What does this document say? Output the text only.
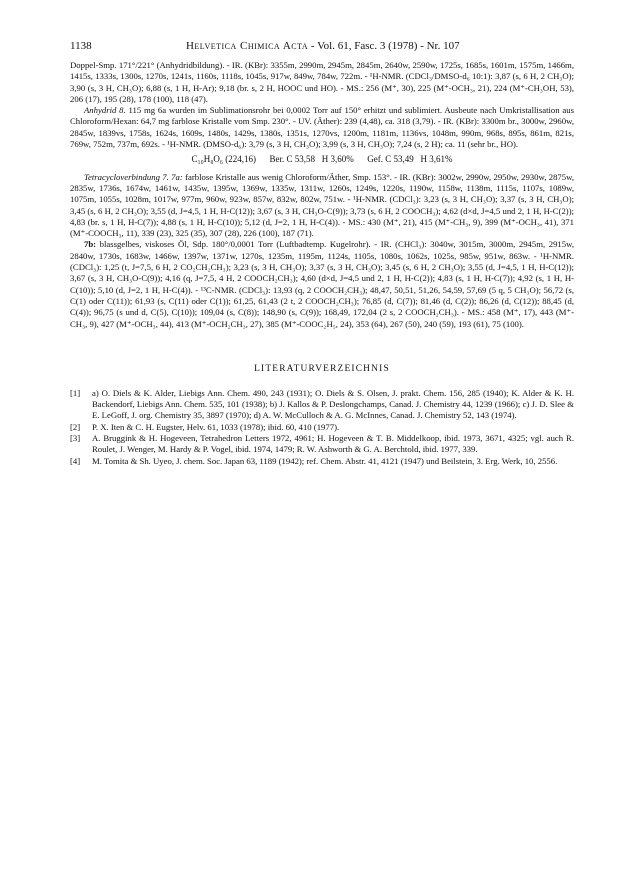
1138	Helvetica Chimica Acta - Vol. 61, Fasc. 3 (1978) - Nr. 107

Doppel-Smp. 171°/221° (Anhydridbildung). - IR. (KBr): 3355m, 2990m, 2945m, 2845m, 2640w, 2590w, 1725s, 1685s, 1601m, 1575m, 1466m, 1415s, 1333s, 1300s, 1270s, 1241s, 1160s, 1118s, 1045s, 917w, 849w, 784w, 722m. - ¹H-NMR. (CDCl₃/DMSO-d₆ 10:1): 3,87 (s, 6 H, 2 CH₃O); 3,90 (s, 3 H, CH₃O); 6,88 (s, 1 H, H-Ar); 9,18 (br. s, 2 H, HOOC und HO). - MS.: 256 (M⁺, 30), 225 (M⁺-OCH₃, 21), 224 (M⁺-CH₃OH, 53), 206 (17), 195 (28), 178 (100), 118 (47).

Anhydrid 8. 115 mg 6a wurden im Sublimationsrohr bei 0,0002 Torr auf 150° erhitzt und sublimiert. Ausbeute nach Umkristallisation aus Chloroform/Hexan: 64,7 mg farblose Kristalle vom Smp. 230°. - UV. (Äther): 239 (4,48), ca. 318 (3,79). - IR. (KBr): 3300m br., 3000w, 2960w, 2845w, 1839vs, 1758s, 1624s, 1609s, 1480s, 1429s, 1380s, 1351s, 1270vs, 1200m, 1181m, 1136vs, 1048m, 990m, 968s, 895s, 861m, 821s, 769w, 752m, 737m, 692s. - ¹H-NMR. (DMSO-d₆): 3,79 (s, 3 H, CH₃O); 3,99 (s, 3 H, CH₃O); 7,24 (s, 2 H); ca. 11 (sehr br., HO).

C₁₀H₈O₆ (224,16)      Ber. C 53,58   H 3,60%      Gef. C 53,49   H 3,61%

Tetracycloverbindung 7. 7a: farblose Kristalle aus wenig Chloroform/Äther, Smp. 153°. - IR. (KBr): 3002w, 2990w, 2950w, 2930w, 2875w, 2835w, 1736s, 1674w, 1461w, 1435w, 1395w, 1369w, 1335w, 1311w, 1260s, 1249s, 1220s, 1190w, 1158w, 1138m, 1115s, 1107s, 1089w, 1075m, 1055s, 1028m, 1017w, 977m, 960w, 923w, 857w, 832w, 802w, 751w. - ¹H-NMR. (CDCl₃): 3,23 (s, 3 H, CH₃O); 3,37 (s, 3 H, CH₃O); 3,45 (s, 6 H, 2 CH₃O); 3,55 (d, J=4,5, 1 H, H-C(12)); 3,67 (s, 3 H, CH₃O-C(9)); 3,73 (s, 6 H, 2 COOCH₃); 4,62 (d×d, J=4,5 und 2, 1 H, H-C(2)); 4,83 (br. s, 1 H, H-C(7)); 4,88 (s, 1 H, H-C(10)); 5,12 (d, J=2, 1 H, H-C(4)). - MS.: 430 (M⁺, 21), 415 (M⁺-CH₃, 9), 399 (M⁺-OCH₃, 41), 371 (M⁺-COOCH₃, 11), 339 (23), 325 (35), 307 (28), 226 (100), 187 (71).

7b: blassgelbes, viskoses Öl, Sdp. 180°/0,0001 Torr (Luftbadtemp. Kugelrohr). - IR. (CHCl₃): 3040w, 3015m, 3000m, 2945m, 2915w, 2840w, 1730s, 1683w, 1466w, 1397w, 1371w, 1270s, 1235m, 1195m, 1124s, 1105s, 1080s, 1062s, 1025s, 985w, 951w, 863w. - ¹H-NMR. (CDCl₃): 1,25 (t, J=7,5, 6 H, 2 CO₂CH₂CH₃); 3,23 (s, 3 H, CH₃O); 3,37 (s, 3 H, CH₃O); 3,45 (s, 6 H, 2 CH₃O); 3,55 (d, J=4,5, 1 H, H-C(12)); 3,67 (s, 3 H, CH₃O-C(9)); 4,16 (q, J=7,5, 4 H, 2 COOCH₂CH₃); 4,60 (d×d, J=4,5 und 2, 1 H, H-C(2)); 4,83 (s, 1 H, H-C(7)); 4,92 (s, 1 H, H-C(10)); 5,10 (d, J=2, 1 H, H-C(4)). - ¹³C-NMR. (CDCl₃): 13,93 (q, 2 COOCH₂CH₃); 48,47, 50,51, 51,26, 54,59, 57,69 (5 q, 5 CH₃O); 56,72 (s, C(1) oder C(11)); 61,93 (s, C(11) oder C(1)); 61,25, 61,43 (2 t, 2 COOCH₂CH₃); 76,85 (d, C(7)); 81,46 (d, C(2)); 86,26 (d, C(12)); 88,45 (d, C(4)); 96,75 (s und d, C(5), C(10)); 109,04 (s, C(8)); 148,90 (s, C(9)); 168,49, 172,04 (2 s, 2 COOCH₂CH₃). - MS.: 458 (M⁺, 17), 443 (M⁺-CH₃, 9), 427 (M⁺-OCH₃, 44), 413 (M⁺-OCH₂CH₃, 27), 385 (M⁺-COOC₂H₅, 24), 353 (64), 267 (50), 240 (59), 193 (61), 75 (100).

LITERATURVERZEICHNIS
[1]	a) O. Diels & K. Alder, Liebigs Ann. Chem. 490, 243 (1931); O. Diels & S. Olsen, J. prakt. Chem. 156, 285 (1940); K. Alder & K. H. Backendorf, Liebigs Ann. Chem. 535, 101 (1938); b) J. Kallos & P. Deslongchamps, Canad. J. Chemistry 44, 1239 (1966); c) J. D. Slee & E. LeGoff, J. org. Chemistry 35, 3897 (1970); d) A. W. McCulloch & A. G. McInnes, Canad. J. Chemistry 52, 143 (1974).
[2]	P. X. Iten & C. H. Eugster, Helv. 61, 1033 (1978); ibid. 60, 410 (1977).
[3]	A. Bruggink & H. Hogeveen, Tetrahedron Letters 1972, 4961; H. Hogeveen & T. B. Middelkoop, ibid. 1973, 3671, 4325; vgl. auch R. Roulet, J. Wenger, M. Hardy & P. Vogel, ibid. 1974, 1479; R. W. Ashworth & G. A. Berchtold, ibid. 1977, 339.
[4]	M. Tomita & Sh. Uyeo, J. chem. Soc. Japan 63, 1189 (1942); ref. Chem. Abstr. 41, 4121 (1947) und Beilstein, 3. Erg. Werk, 10, 2556.
